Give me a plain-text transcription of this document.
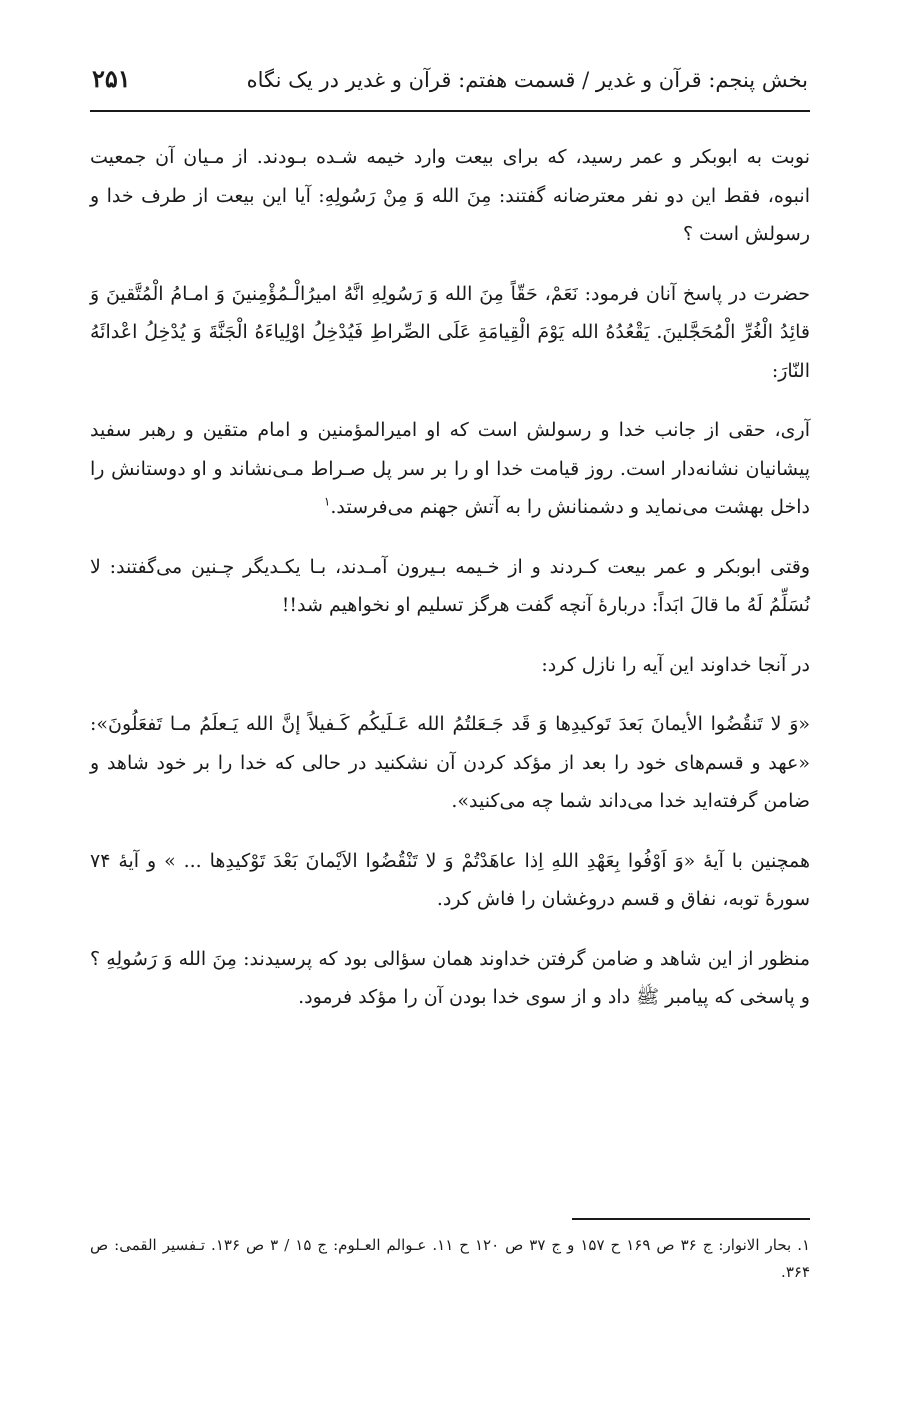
بخش پنجم: قرآن و غدیر / قسمت هفتم: قرآن و غدیر در یک نگاه
۲۵۱

نوبت به ابوبکر و عمر رسید، که برای بیعت وارد خیمه شـده بـودند. از مـیان آن جمعیت انبوه، فقط این دو نفر معترضانه گفتند: مِنَ الله وَ مِنْ رَسُولِهِ: آیا این بیعت از طرف خدا و رسولش است ؟

حضرت در پاسخ آنان فرمود: نَعَمْ، حَقّاً مِنَ الله وَ رَسُولِهِ انَّهُ امیرُالْـمُؤْمِنینَ وَ امـامُ الْمُتَّقینَ وَ قائِدُ الْغُرِّ الْمُحَجَّلینَ. یَقْعُدُهُ الله یَوْمَ الْقِیامَةِ عَلَی الصِّراطِ فَیُدْخِلُ اوْلِیاءَهُ الْجَنَّةَ وَ یُدْخِلُ اعْدائَهُ النّارَ:

آری، حقی از جانب خدا و رسولش است که او امیرالمؤمنین و امام متقین و رهبر سفید پیشانیان نشانه‌دار است. روز قیامت خدا او را بر سر پل صـراط مـی‌نشاند و او دوستانش را داخل بهشت می‌نماید و دشمنانش را به آتش جهنم می‌فرستد.$^۱$

وقتی ابوبکر و عمر بیعت کـردند و از خـیمه بـیرون آمـدند، بـا یکـدیگر چـنین می‌گفتند: لا نُسَلِّمُ لَهُ ما قالَ ابَداً: دربارهٔ آنچه گفت هرگز تسلیم او نخواهیم شد!!

در آنجا خداوند این آیه را نازل کرد:

«وَ لا تَنقُضُوا الأیمانَ بَعدَ تَوکیدِها وَ قَد جَـعَلتُمُ الله عَـلَیکُم کَـفیلاً إنَّ الله یَـعلَمُ مـا تَفعَلُونَ»: «عهد و قسم‌های خود را بعد از مؤکد کردن آن نشکنید در حالی که خدا را بر خود شاهد و ضامن گرفته‌اید خدا می‌داند شما چه می‌کنید».

همچنین با آیهٔ «وَ اَوْفُوا بِعَهْدِ اللهِ اِذا عاهَدْتُمْ وَ لا تَنْقُضُوا الاَیْمانَ بَعْدَ تَوْکیدِها ... » و آیهٔ ۷۴ سورهٔ توبه، نفاق و قسم دروغشان را فاش کرد.

منظور از این شاهد و ضامن گرفتن خداوند همان سؤالی بود که پرسیدند: مِنَ الله وَ رَسُولِهِ ؟ و پاسخی که پیامبر ﷺ داد و از سوی خدا بودن آن را مؤکد فرمود.

۱. بحار الانوار: ج ۳۶ ص ۱۶۹ ح ۱۵۷ و ج ۳۷ ص ۱۲۰ ح ۱۱. عـوالم العـلوم: ج ۱۵ / ۳ ص ۱۳۶. تـفسیر القمی: ص ۳۶۴.
